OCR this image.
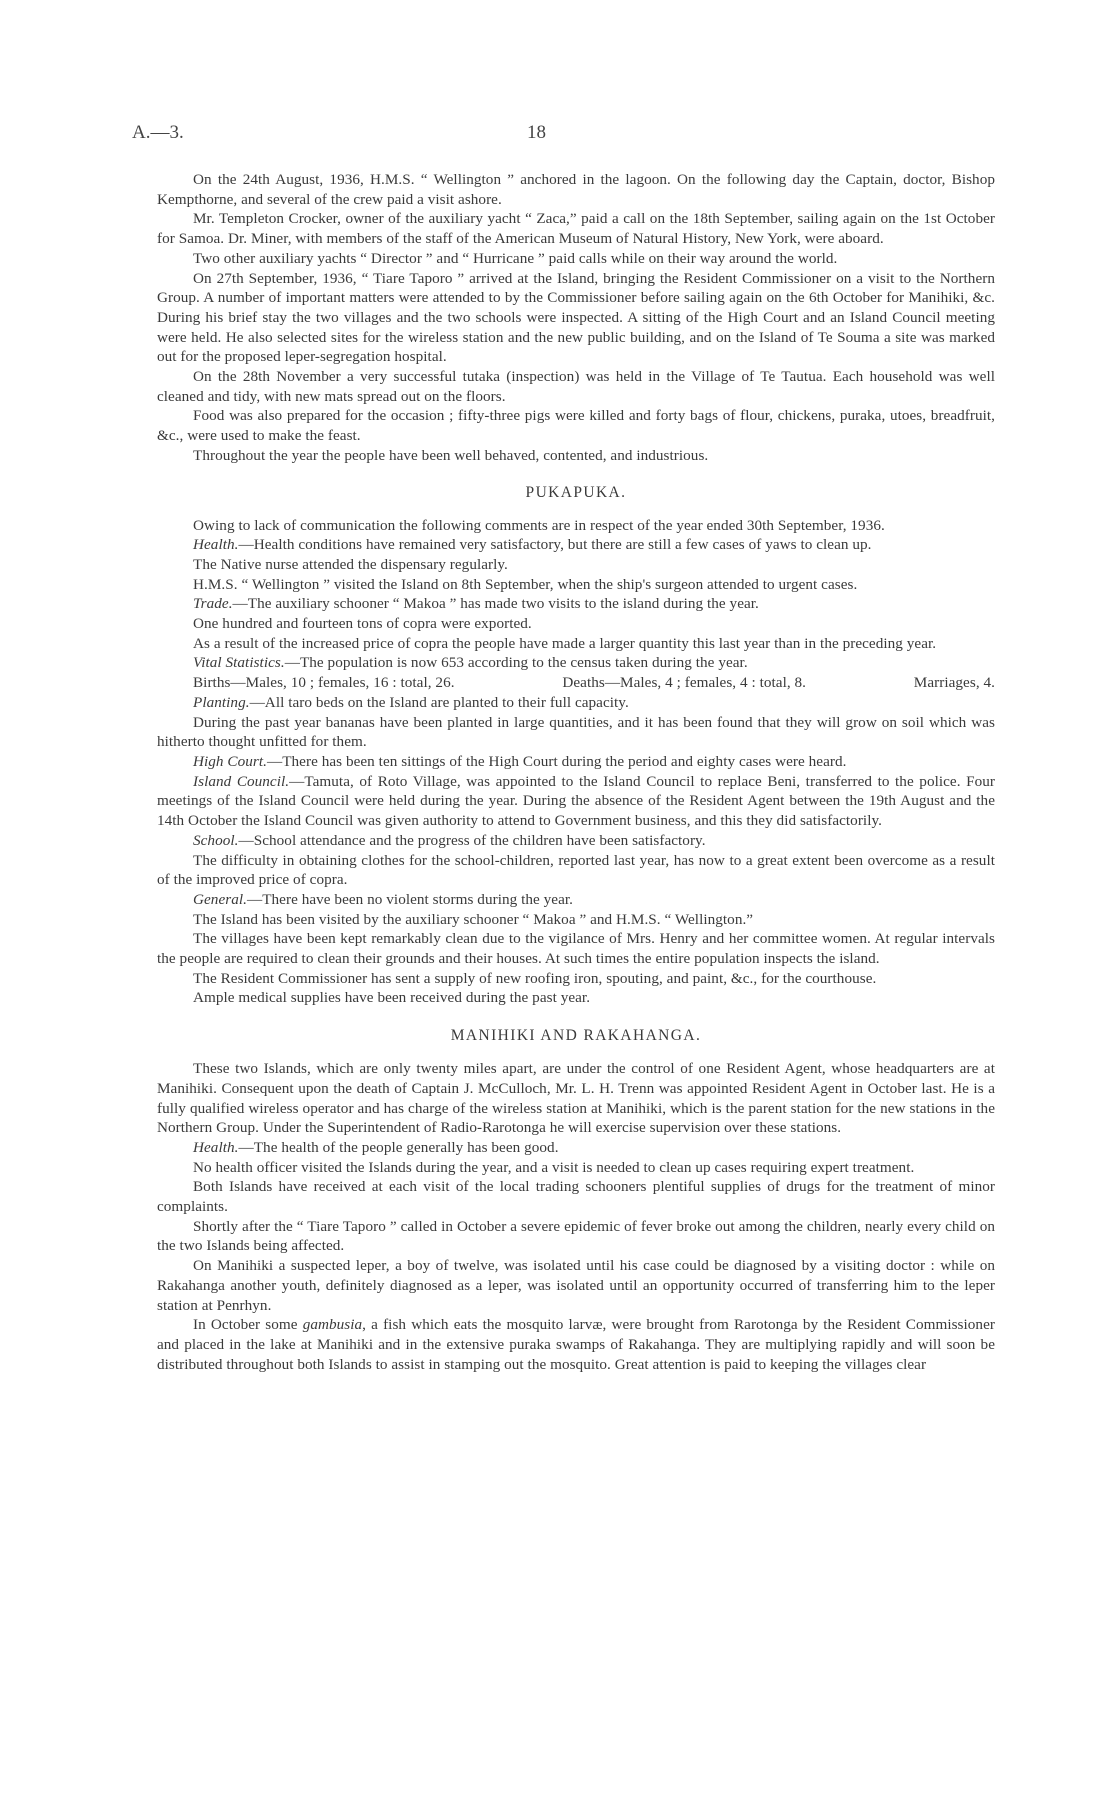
A.—3.	18

On the 24th August, 1936, H.M.S. “ Wellington ” anchored in the lagoon. On the following day the Captain, doctor, Bishop Kempthorne, and several of the crew paid a visit ashore.

Mr. Templeton Crocker, owner of the auxiliary yacht “ Zaca,” paid a call on the 18th September, sailing again on the 1st October for Samoa. Dr. Miner, with members of the staff of the American Museum of Natural History, New York, were aboard.

Two other auxiliary yachts “ Director ” and “ Hurricane ” paid calls while on their way around the world.

On 27th September, 1936, “ Tiare Taporo ” arrived at the Island, bringing the Resident Commissioner on a visit to the Northern Group. A number of important matters were attended to by the Commissioner before sailing again on the 6th October for Manihiki, &c. During his brief stay the two villages and the two schools were inspected. A sitting of the High Court and an Island Council meeting were held. He also selected sites for the wireless station and the new public building, and on the Island of Te Souma a site was marked out for the proposed leper-segregation hospital.

On the 28th November a very successful tutaka (inspection) was held in the Village of Te Tautua. Each household was well cleaned and tidy, with new mats spread out on the floors.

Food was also prepared for the occasion ; fifty-three pigs were killed and forty bags of flour, chickens, puraka, utoes, breadfruit, &c., were used to make the feast.

Throughout the year the people have been well behaved, contented, and industrious.

PUKAPUKA.

Owing to lack of communication the following comments are in respect of the year ended 30th September, 1936.

Health.—Health conditions have remained very satisfactory, but there are still a few cases of yaws to clean up.

The Native nurse attended the dispensary regularly.

H.M.S. “ Wellington ” visited the Island on 8th September, when the ship's surgeon attended to urgent cases.

Trade.—The auxiliary schooner “ Makoa ” has made two visits to the island during the year.

One hundred and fourteen tons of copra were exported.

As a result of the increased price of copra the people have made a larger quantity this last year than in the preceding year.

Vital Statistics.—The population is now 653 according to the census taken during the year.

Births—Males, 10 ; females, 16 : total, 26.	Deaths—Males, 4 ; females, 4 : total, 8.	Marriages, 4.

Planting.—All taro beds on the Island are planted to their full capacity.

During the past year bananas have been planted in large quantities, and it has been found that they will grow on soil which was hitherto thought unfitted for them.

High Court.—There has been ten sittings of the High Court during the period and eighty cases were heard.

Island Council.—Tamuta, of Roto Village, was appointed to the Island Council to replace Beni, transferred to the police. Four meetings of the Island Council were held during the year. During the absence of the Resident Agent between the 19th August and the 14th October the Island Council was given authority to attend to Government business, and this they did satisfactorily.

School.—School attendance and the progress of the children have been satisfactory.

The difficulty in obtaining clothes for the school-children, reported last year, has now to a great extent been overcome as a result of the improved price of copra.

General.—There have been no violent storms during the year.

The Island has been visited by the auxiliary schooner “ Makoa ” and H.M.S. “ Wellington.”

The villages have been kept remarkably clean due to the vigilance of Mrs. Henry and her committee women. At regular intervals the people are required to clean their grounds and their houses. At such times the entire population inspects the island.

The Resident Commissioner has sent a supply of new roofing iron, spouting, and paint, &c., for the courthouse.

Ample medical supplies have been received during the past year.

MANIHIKI AND RAKAHANGA.

These two Islands, which are only twenty miles apart, are under the control of one Resident Agent, whose headquarters are at Manihiki. Consequent upon the death of Captain J. McCulloch, Mr. L. H. Trenn was appointed Resident Agent in October last. He is a fully qualified wireless operator and has charge of the wireless station at Manihiki, which is the parent station for the new stations in the Northern Group. Under the Superintendent of Radio-Rarotonga he will exercise supervision over these stations.

Health.—The health of the people generally has been good.

No health officer visited the Islands during the year, and a visit is needed to clean up cases requiring expert treatment.

Both Islands have received at each visit of the local trading schooners plentiful supplies of drugs for the treatment of minor complaints.

Shortly after the “ Tiare Taporo ” called in October a severe epidemic of fever broke out among the children, nearly every child on the two Islands being affected.

On Manihiki a suspected leper, a boy of twelve, was isolated until his case could be diagnosed by a visiting doctor : while on Rakahanga another youth, definitely diagnosed as a leper, was isolated until an opportunity occurred of transferring him to the leper station at Penrhyn.

In October some gambusia, a fish which eats the mosquito larvæ, were brought from Rarotonga by the Resident Commissioner and placed in the lake at Manihiki and in the extensive puraka swamps of Rakahanga. They are multiplying rapidly and will soon be distributed throughout both Islands to assist in stamping out the mosquito. Great attention is paid to keeping the villages clear
